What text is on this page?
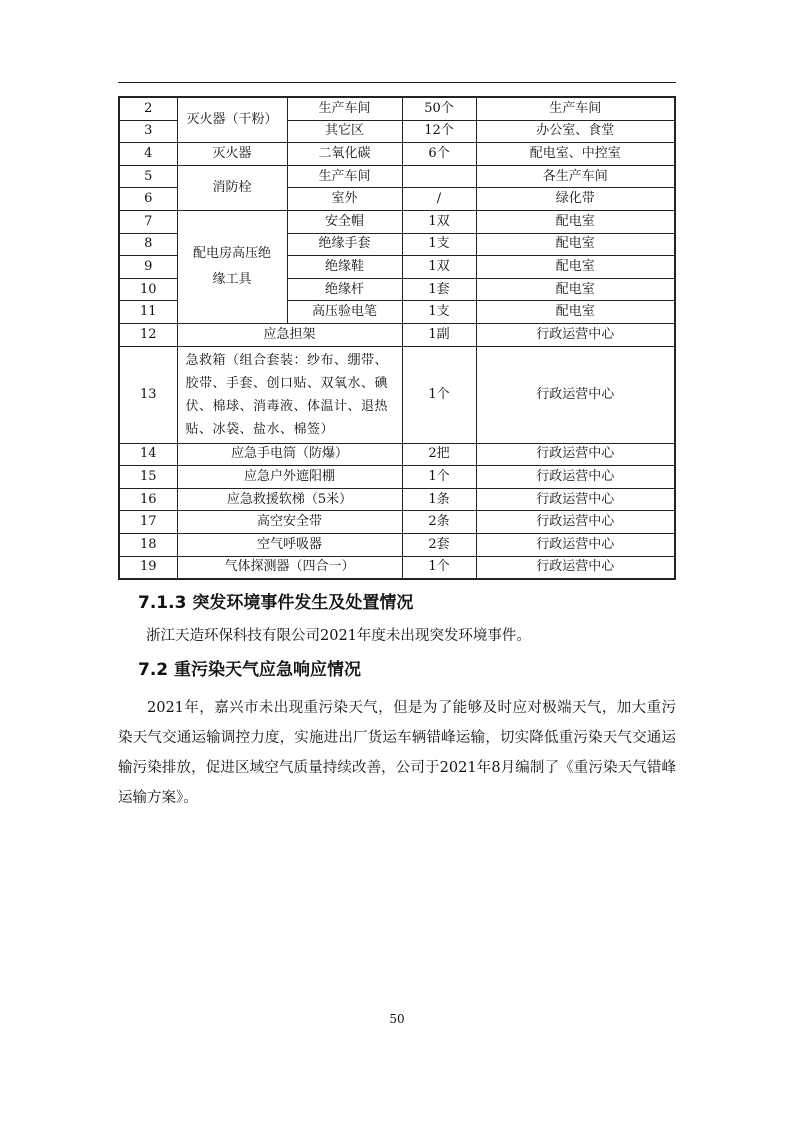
2	灭火器（干粉）	生产车间	50个	生产车间
3		其它区	12个	办公室、食堂
4	灭火器	二氧化碳	6个	配电室、中控室
5	消防栓	生产车间		各生产车间
6		室外	/	绿化带
7	配电房高压绝缘工具	安全帽	1双	配电室
8		绝缘手套	1支	配电室
9		绝缘鞋	1双	配电室
10		绝缘杆	1套	配电室
11		高压验电笔	1支	配电室
12	应急担架		1副	行政运营中心
13	急救箱（组合套装：纱布、绷带、胶带、手套、创口贴、双氧水、碘伏、棉球、消毒液、体温计、退热贴、冰袋、盐水、棉签）		1个	行政运营中心
14	应急手电筒（防爆）		2把	行政运营中心
15	应急户外遮阳棚		1个	行政运营中心
16	应急救援软梯（5米）		1条	行政运营中心
17	高空安全带		2条	行政运营中心
18	空气呼吸器		2套	行政运营中心
19	气体探测器（四合一）		1个	行政运营中心
7.1.3 突发环境事件发生及处置情况
浙江天造环保科技有限公司2021年度未出现突发环境事件。
7.2 重污染天气应急响应情况
2021年，嘉兴市未出现重污染天气，但是为了能够及时应对极端天气，加大重污染天气交通运输调控力度，实施进出厂货运车辆错峰运输，切实降低重污染天气交通运输污染排放，促进区域空气质量持续改善，公司于2021年8月编制了《重污染天气错峰运输方案》。
50
